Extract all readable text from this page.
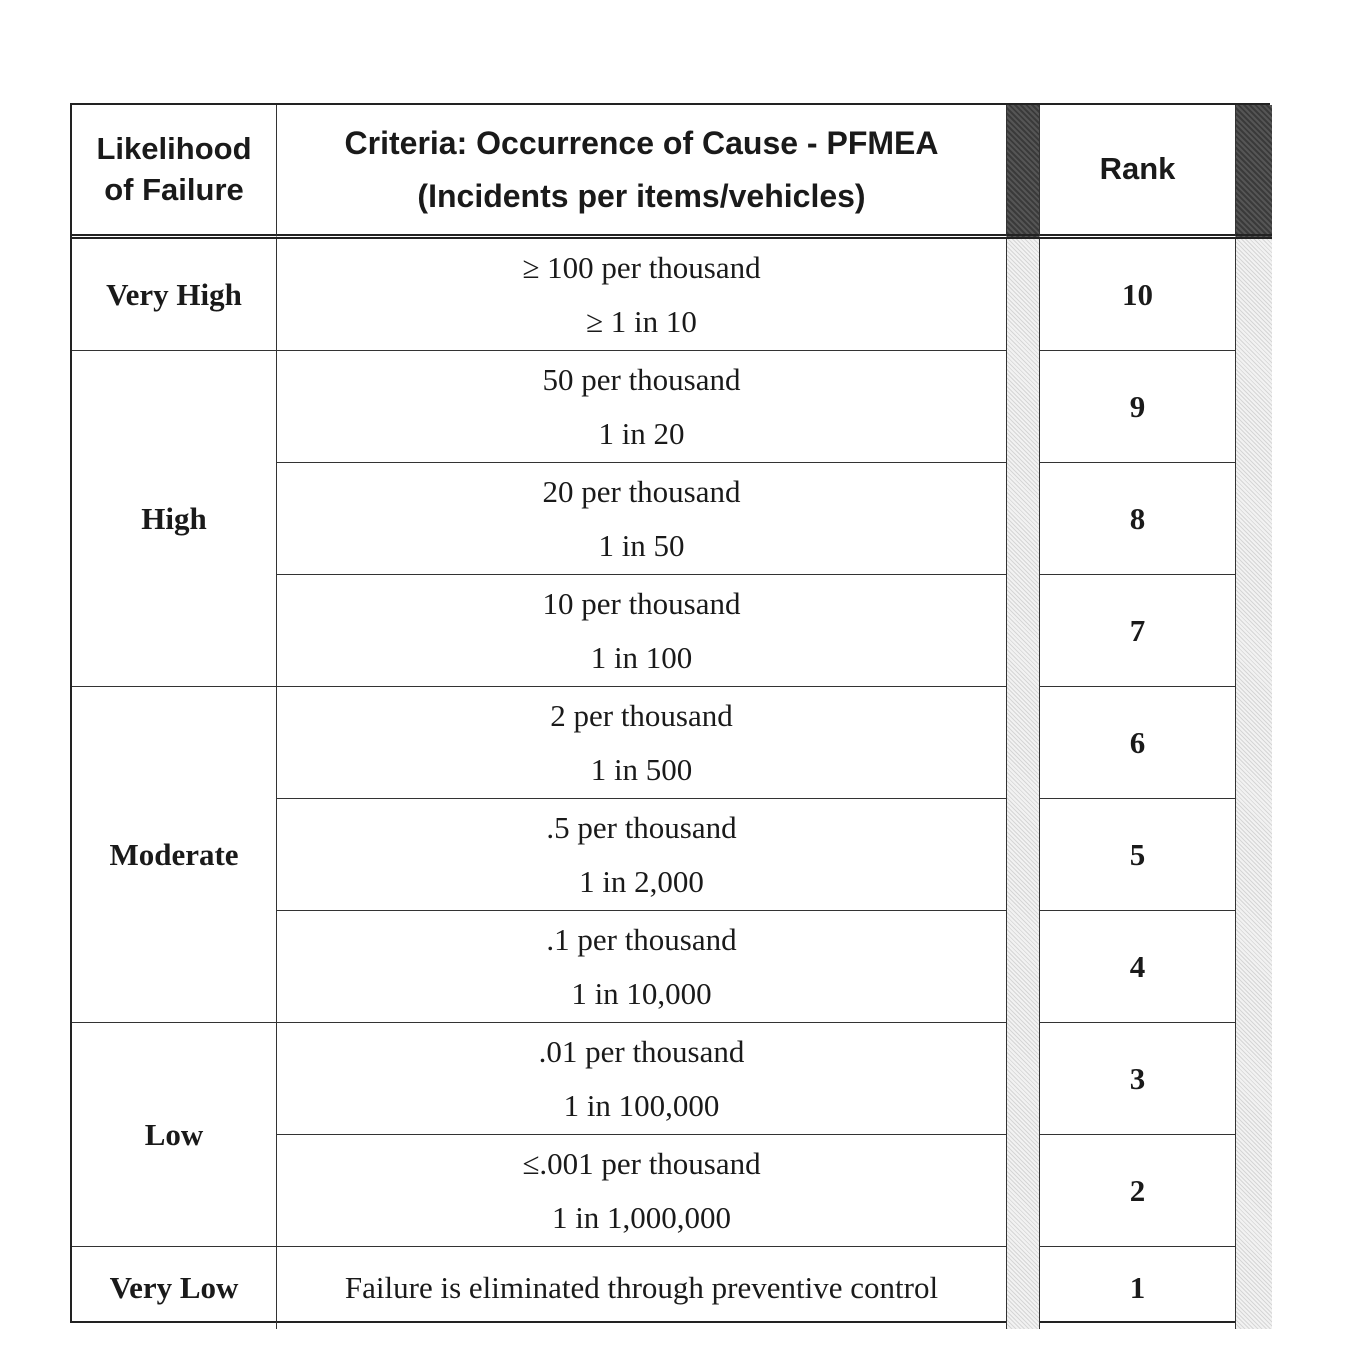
Likelihood of Failure
Criteria: Occurrence of Cause - PFMEA
(Incidents per items/vehicles)
Rank
Very High
High
Moderate
Low
Very Low
≥ 100 per thousand
≥ 1 in 10
50 per thousand
1 in 20
20 per thousand
1 in 50
10 per thousand
1 in 100
2 per thousand
1 in 500
.5 per thousand
1 in 2,000
.1 per thousand
1 in 10,000
.01 per thousand
1 in 100,000
≤.001 per thousand
1 in 1,000,000
Failure is eliminated through preventive control
10
9
8
7
6
5
4
3
2
1
